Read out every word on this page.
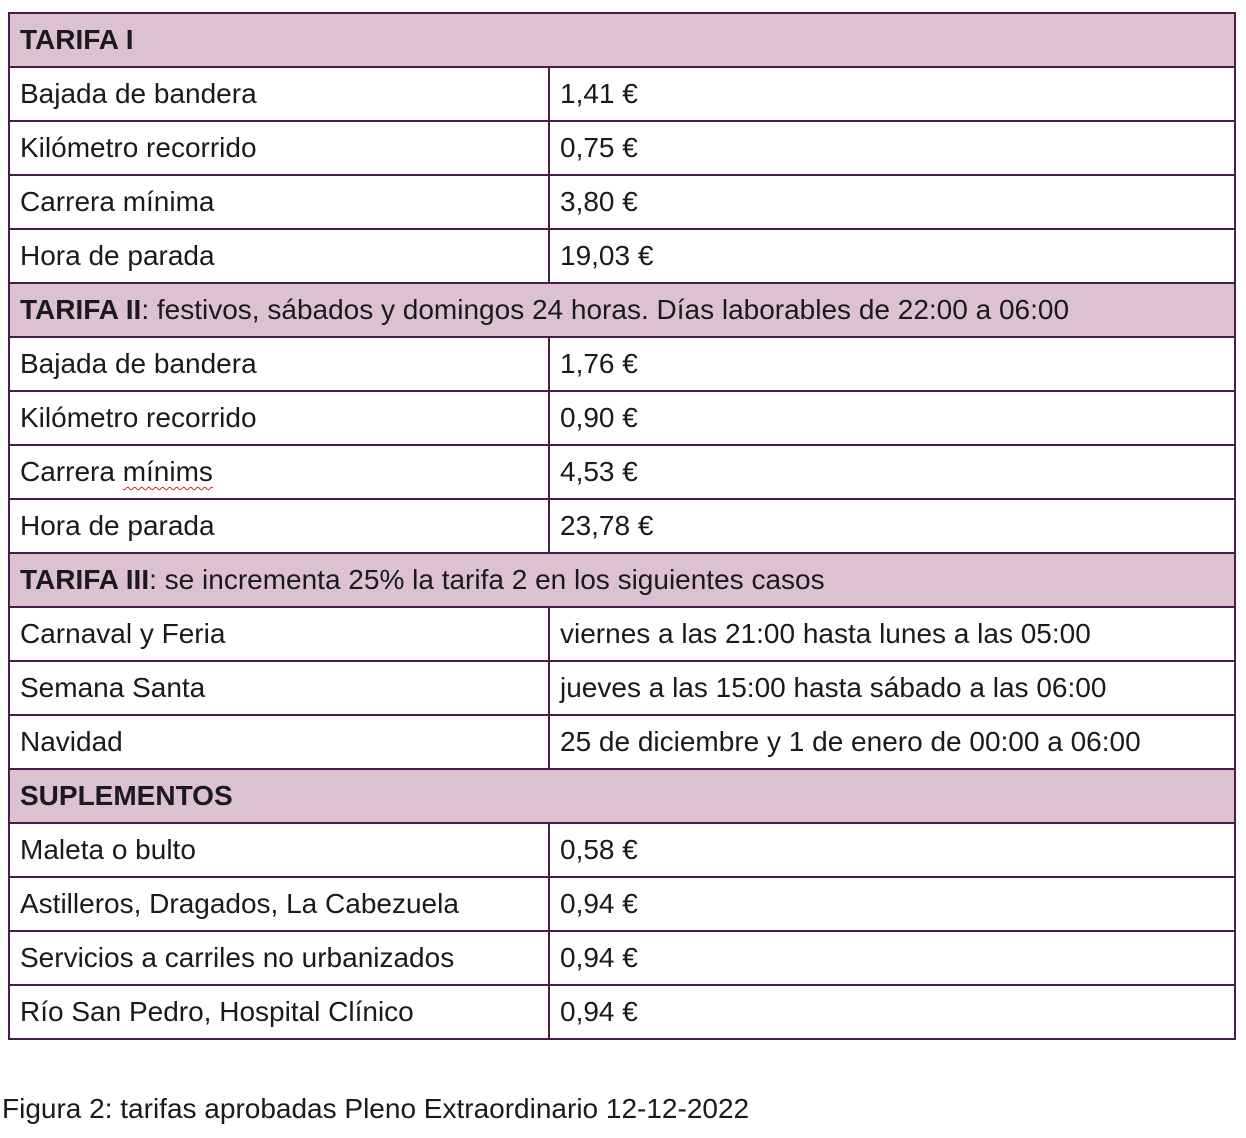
TARIFA I	
Bajada de bandera	1,41 €
Kilómetro recorrido	0,75 €
Carrera mínima	3,80 €
Hora de parada	19,03 €
TARIFA II: festivos, sábados y domingos 24 horas. Días laborables de 22:00 a 06:00	
Bajada de bandera	1,76 €
Kilómetro recorrido	0,90 €
Carrera mínims	4,53 €
Hora de parada	23,78 €
TARIFA III: se incrementa 25% la tarifa 2 en los siguientes casos	
Carnaval y Feria	viernes a las 21:00 hasta lunes a las 05:00
Semana Santa	jueves a las 15:00 hasta sábado a las 06:00
Navidad	25 de diciembre y 1 de enero de 00:00 a 06:00
SUPLEMENTOS	
Maleta o bulto	0,58 €
Astilleros, Dragados, La Cabezuela	0,94 €
Servicios a carriles no urbanizados	0,94 €
Río San Pedro, Hospital Clínico	0,94 €
Figura 2: tarifas aprobadas Pleno Extraordinario 12-12-2022
